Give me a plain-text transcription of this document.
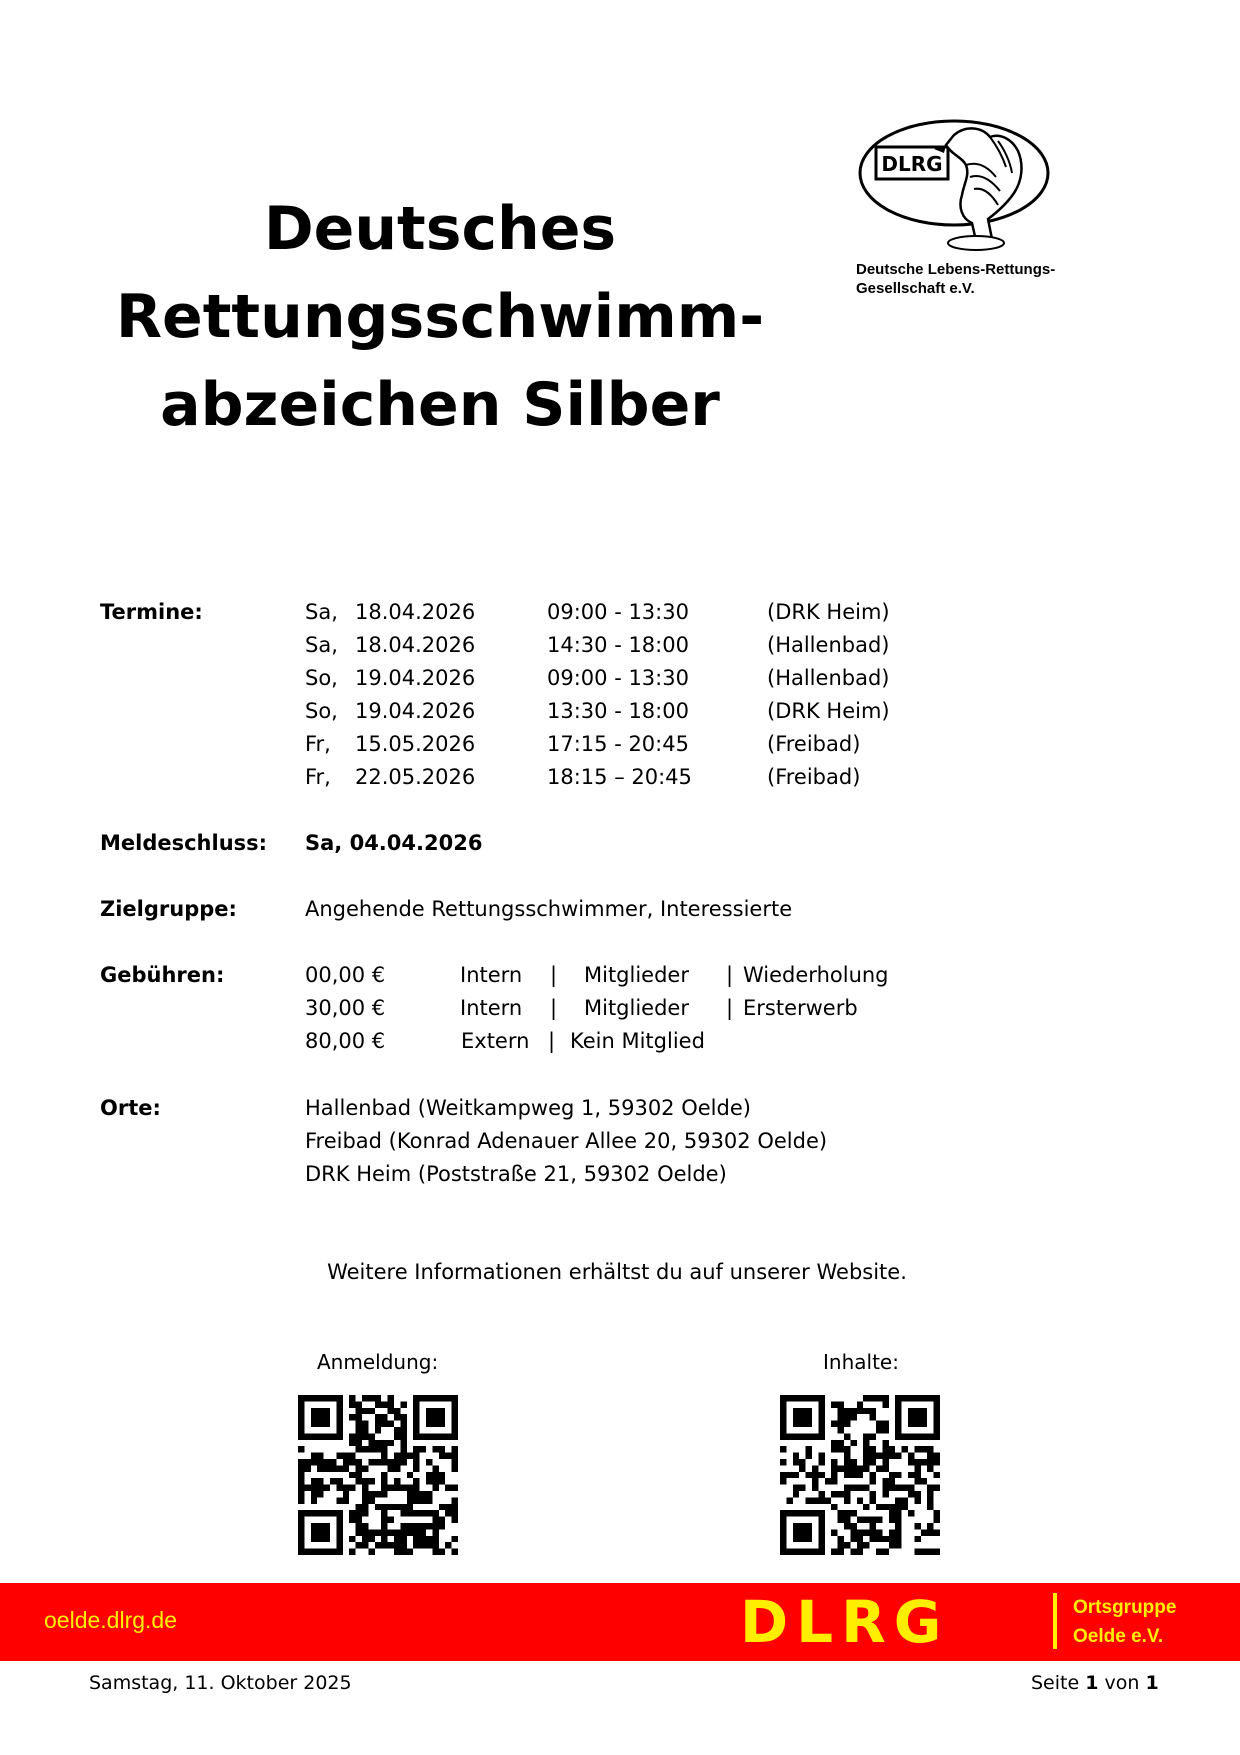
Deutsches
Rettungsschwimm-
abzeichen Silber
DLRG
Deutsche Lebens-Rettungs-
Gesellschaft e.V.
Termine:	Sa, 18.04.2026	09:00 - 13:30	(DRK Heim)
Sa, 18.04.2026	14:30 - 18:00	(Hallenbad)
So, 19.04.2026	09:00 - 13:30	(Hallenbad)
So, 19.04.2026	13:30 - 18:00	(DRK Heim)
Fr, 15.05.2026	17:15 - 20:45	(Freibad)
Fr, 22.05.2026	18:15 – 20:45	(Freibad)
Meldeschluss: Sa, 04.04.2026
Zielgruppe:	Angehende Rettungsschwimmer, Interessierte
Gebühren:	00,00 €	Intern | Mitglieder | Wiederholung
30,00 €	Intern | Mitglieder | Ersterwerb
80,00 €	Extern | Kein Mitglied
Orte:	Hallenbad (Weitkampweg 1, 59302 Oelde)
Freibad (Konrad Adenauer Allee 20, 59302 Oelde)
DRK Heim (Poststraße 21, 59302 Oelde)
Weitere Informationen erhältst du auf unserer Website.
Anmeldung:	Inhalte:
oelde.dlrg.de	DLRG	Ortsgruppe
Oelde e.V.
Samstag, 11. Oktober 2025	Seite 1 von 1
